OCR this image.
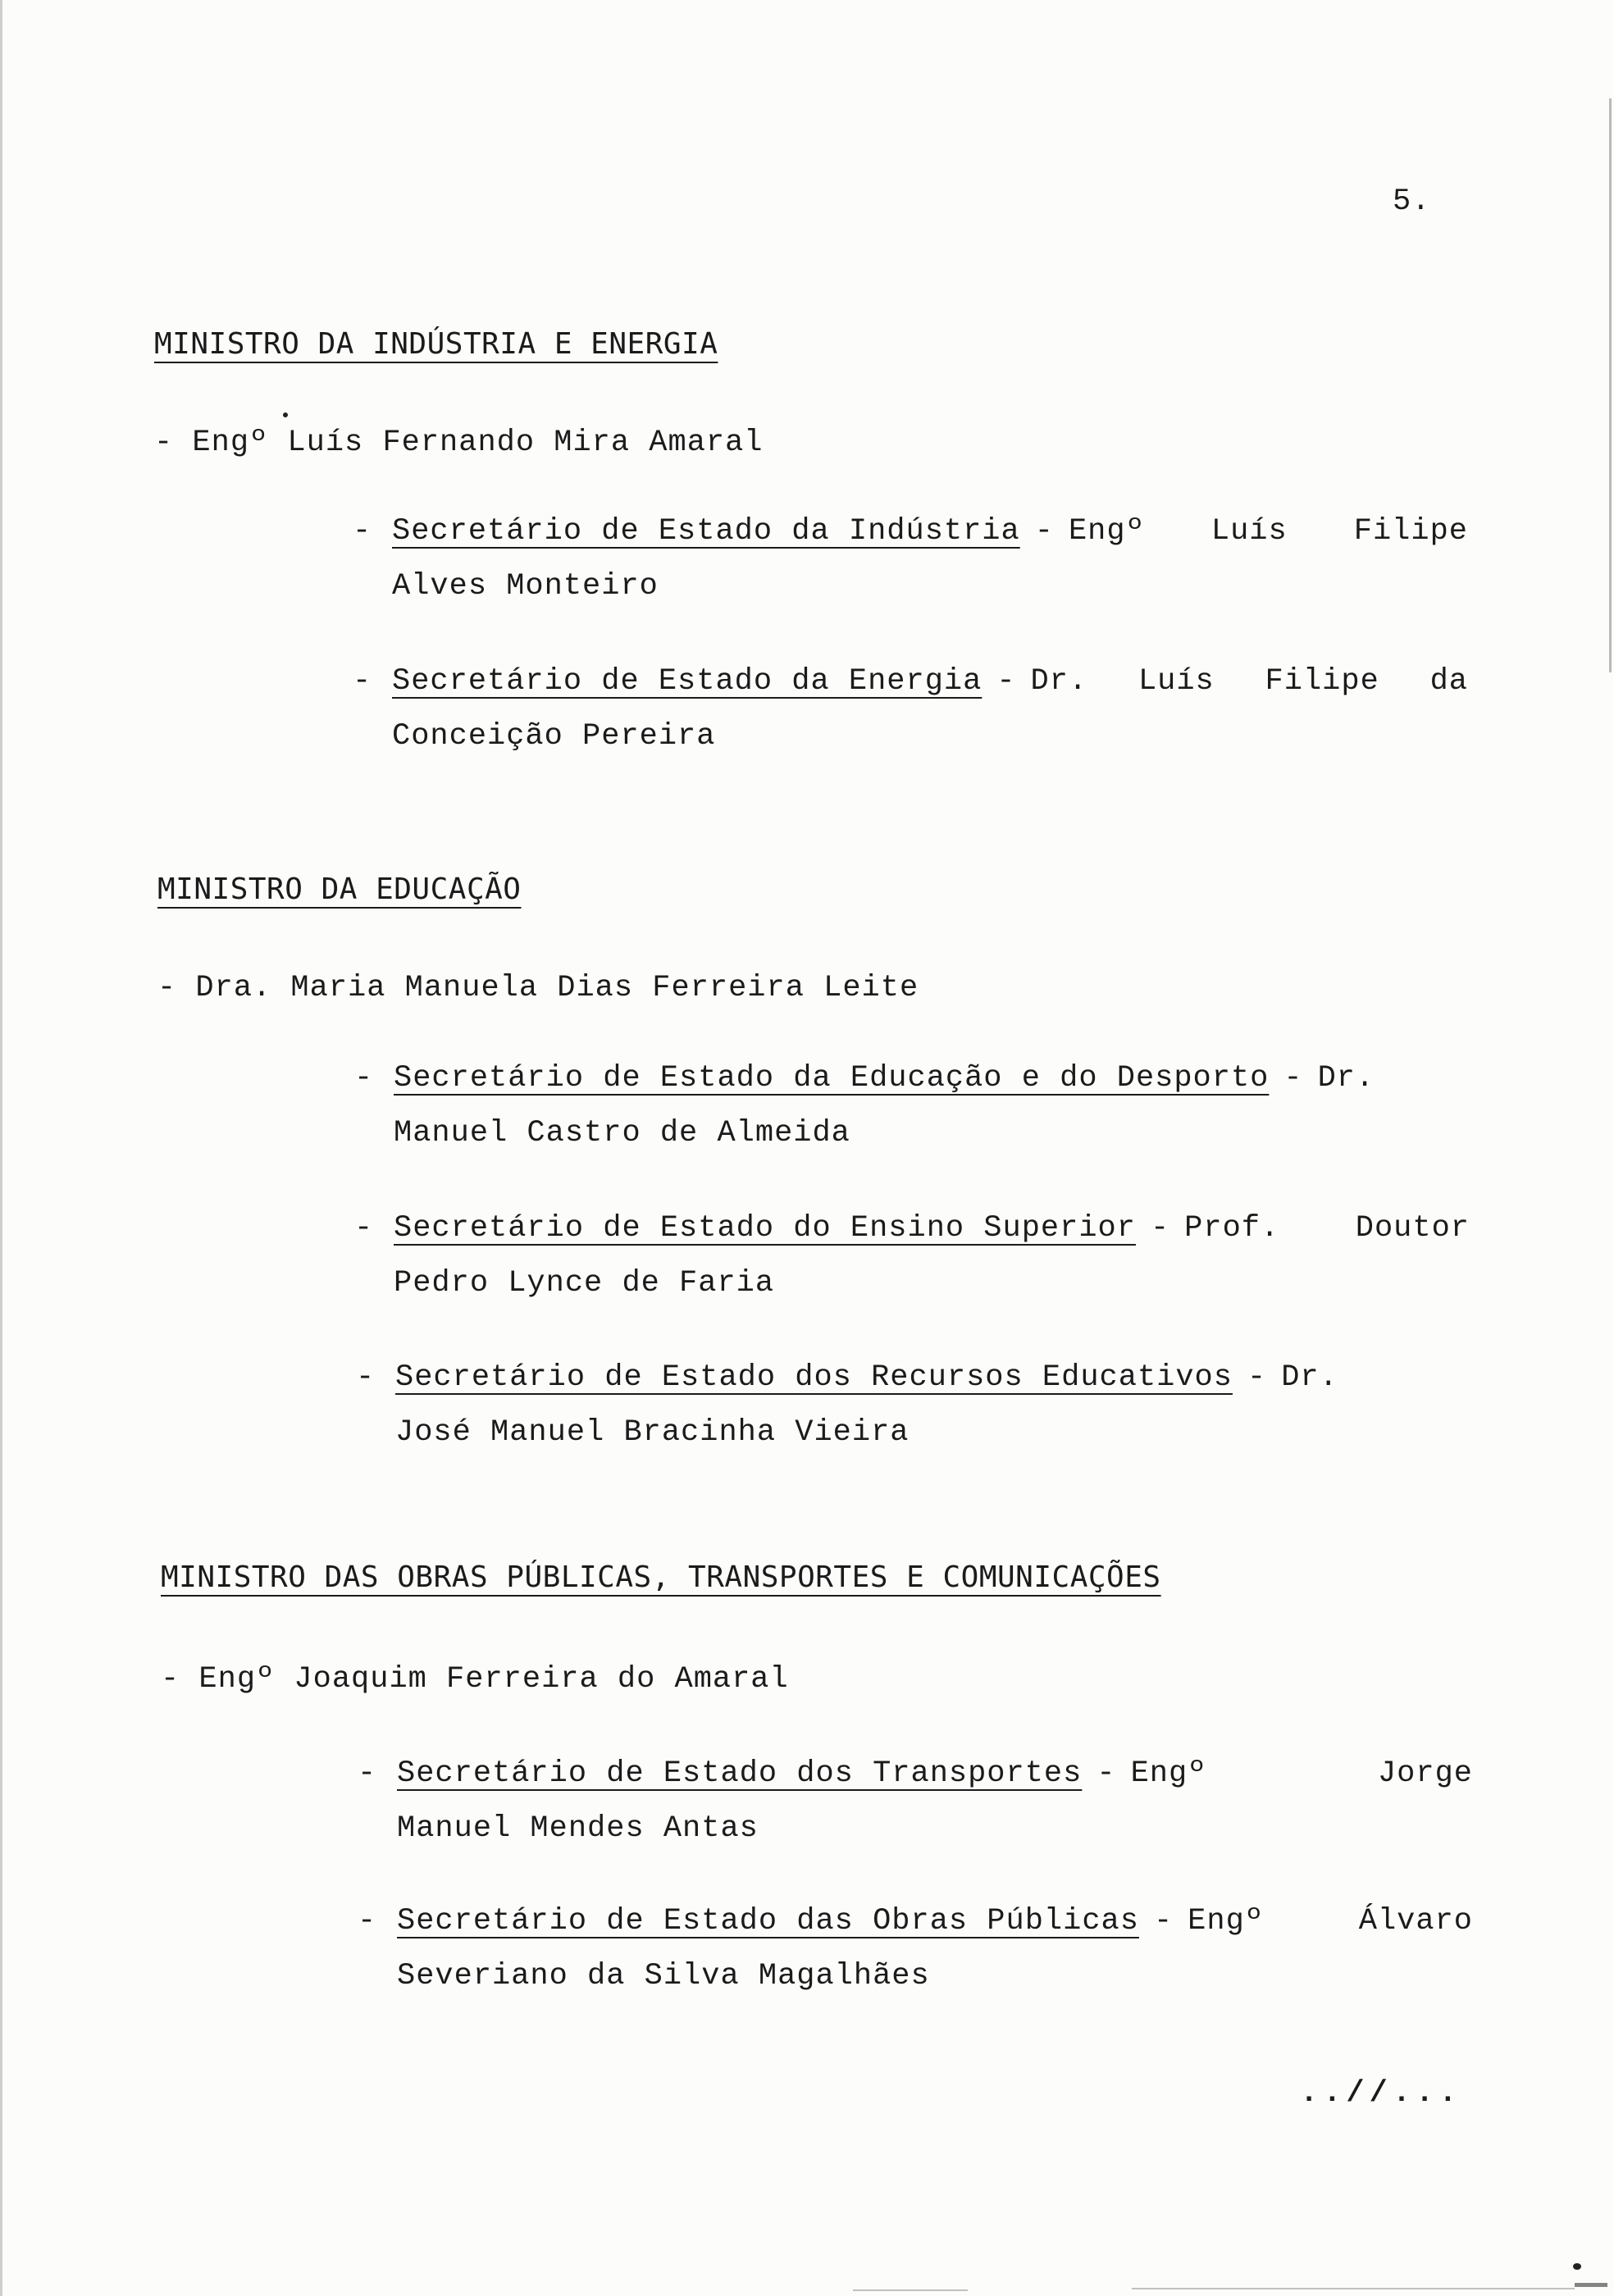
5.
MINISTRO DA INDÚSTRIA E ENERGIA
- Engº Luís Fernando Mira Amaral
- Secretário de Estado da Indústria - Engº Luís Filipe
Alves Monteiro
- Secretário de Estado da Energia - Dr. Luís Filipe da
Conceição Pereira
MINISTRO DA EDUCAÇÃO
- Dra. Maria Manuela Dias Ferreira Leite
- Secretário de Estado da Educação e do Desporto - Dr.
Manuel Castro de Almeida
- Secretário de Estado do Ensino Superior - Prof. Doutor
Pedro Lynce de Faria
- Secretário de Estado dos Recursos Educativos - Dr.
José Manuel Bracinha Vieira
MINISTRO DAS OBRAS PÚBLICAS, TRANSPORTES E COMUNICAÇÕES
- Engº Joaquim Ferreira do Amaral
- Secretário de Estado dos Transportes - Engº Jorge
Manuel Mendes Antas
- Secretário de Estado das Obras Públicas - Engº Álvaro
Severiano da Silva Magalhães
..//...
